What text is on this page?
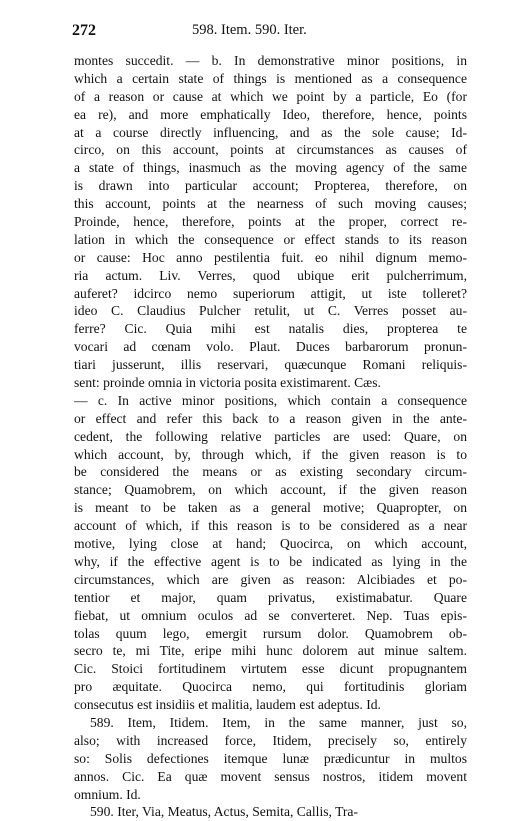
272	598. Item. 590. Iter.
montes succedit. — b. In demonstrative minor positions, in
which a certain state of things is mentioned as a consequence
of a reason or cause at which we point by a particle, Eo (for
ea re), and more emphatically Ideo, therefore, hence, points
at a course directly influencing, and as the sole cause; Id-
circo, on this account, points at circumstances as causes of
a state of things, inasmuch as the moving agency of the same
is drawn into particular account; Propterea, therefore, on
this account, points at the nearness of such moving causes;
Proinde, hence, therefore, points at the proper, correct re-
lation in which the consequence or effect stands to its reason
or cause: Hoc anno pestilentia fuit. eo nihil dignum memo-
ria actum. Liv. Verres, quod ubique erit pulcherrimum,
auferet? idcirco nemo superiorum attigit, ut iste tolleret?
ideo C. Claudius Pulcher retulit, ut C. Verres posset au-
ferre? Cic. Quia mihi est natalis dies, propterea te
vocari ad cœnam volo. Plaut. Duces barbarorum pronun-
tiari jusserunt, illis reservari, quæcunque Romani reliquis-
sent: proinde omnia in victoria posita existimarent. Cæs.
— c. In active minor positions, which contain a consequence
or effect and refer this back to a reason given in the ante-
cedent, the following relative particles are used: Quare, on
which account, by, through which, if the given reason is to
be considered the means or as existing secondary circum-
stance; Quamobrem, on which account, if the given reason
is meant to be taken as a general motive; Quapropter, on
account of which, if this reason is to be considered as a near
motive, lying close at hand; Quocirca, on which account,
why, if the effective agent is to be indicated as lying in the
circumstances, which are given as reason: Alcibiades et po-
tentior et major, quam privatus, existimabatur. Quare
fiebat, ut omnium oculos ad se converteret. Nep. Tuas epis-
tolas quum lego, emergit rursum dolor. Quamobrem ob-
secro te, mi Tite, eripe mihi hunc dolorem aut minue saltem.
Cic. Stoici fortitudinem virtutem esse dicunt propugnantem
pro æquitate. Quocirca nemo, qui fortitudinis gloriam
consecutus est insidiis et malitia, laudem est adeptus. Id.
589. Item, Itidem. Item, in the same manner, just so,
also; with increased force, Itidem, precisely so, entirely
so: Solis defectiones itemque lunæ prædicuntur in multos
annos. Cic. Ea quæ movent sensus nostros, itidem movent
omnium. Id.
590. Iter, Via, Meatus, Actus, Semita, Callis, Tra-
